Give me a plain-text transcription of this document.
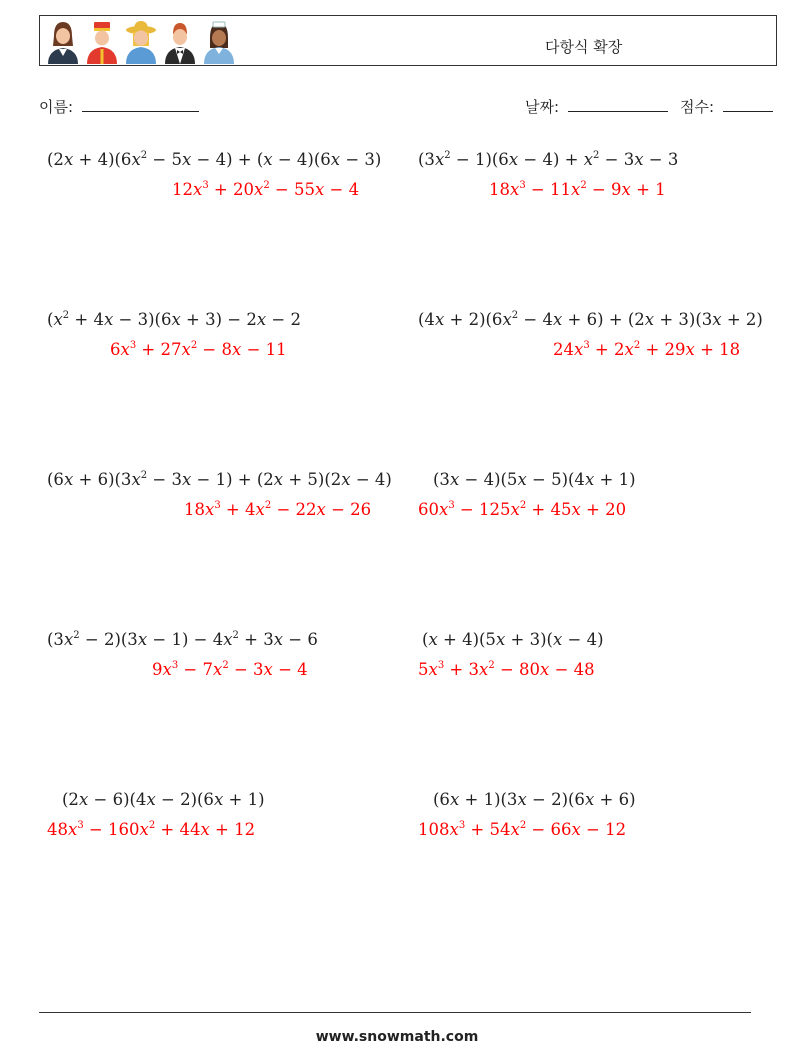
다항식 확장
이름:	날짜:	점수:
$(2x + 4)(6x^2 - 5x - 4) + (x - 4)(6x - 3)$
$12x^3 + 20x^2 - 55x - 4$
$(3x^2 - 1)(6x - 4) + x^2 - 3x - 3$
$18x^3 - 11x^2 - 9x + 1$
$(x^2 + 4x - 3)(6x + 3) - 2x - 2$
$6x^3 + 27x^2 - 8x - 11$
$(4x + 2)(6x^2 - 4x + 6) + (2x + 3)(3x + 2)$
$24x^3 + 2x^2 + 29x + 18$
$(6x + 6)(3x^2 - 3x - 1) + (2x + 5)(2x - 4)$
$18x^3 + 4x^2 - 22x - 26$
(3x − 4)(5x − 5)(4x + 1)
$60x^3 - 125x^2 + 45x + 20$
$(3x^2 - 2)(3x - 1) - 4x^2 + 3x - 6$
$9x^3 - 7x^2 - 3x - 4$
(x + 4)(5x + 3)(x − 4)
$5x^3 + 3x^2 - 80x - 48$
(2x − 6)(4x − 2)(6x + 1)
$48x^3 - 160x^2 + 44x + 12$
(6x + 1)(3x − 2)(6x + 6)
$108x^3 + 54x^2 - 66x - 12$
www.snowmath.com
